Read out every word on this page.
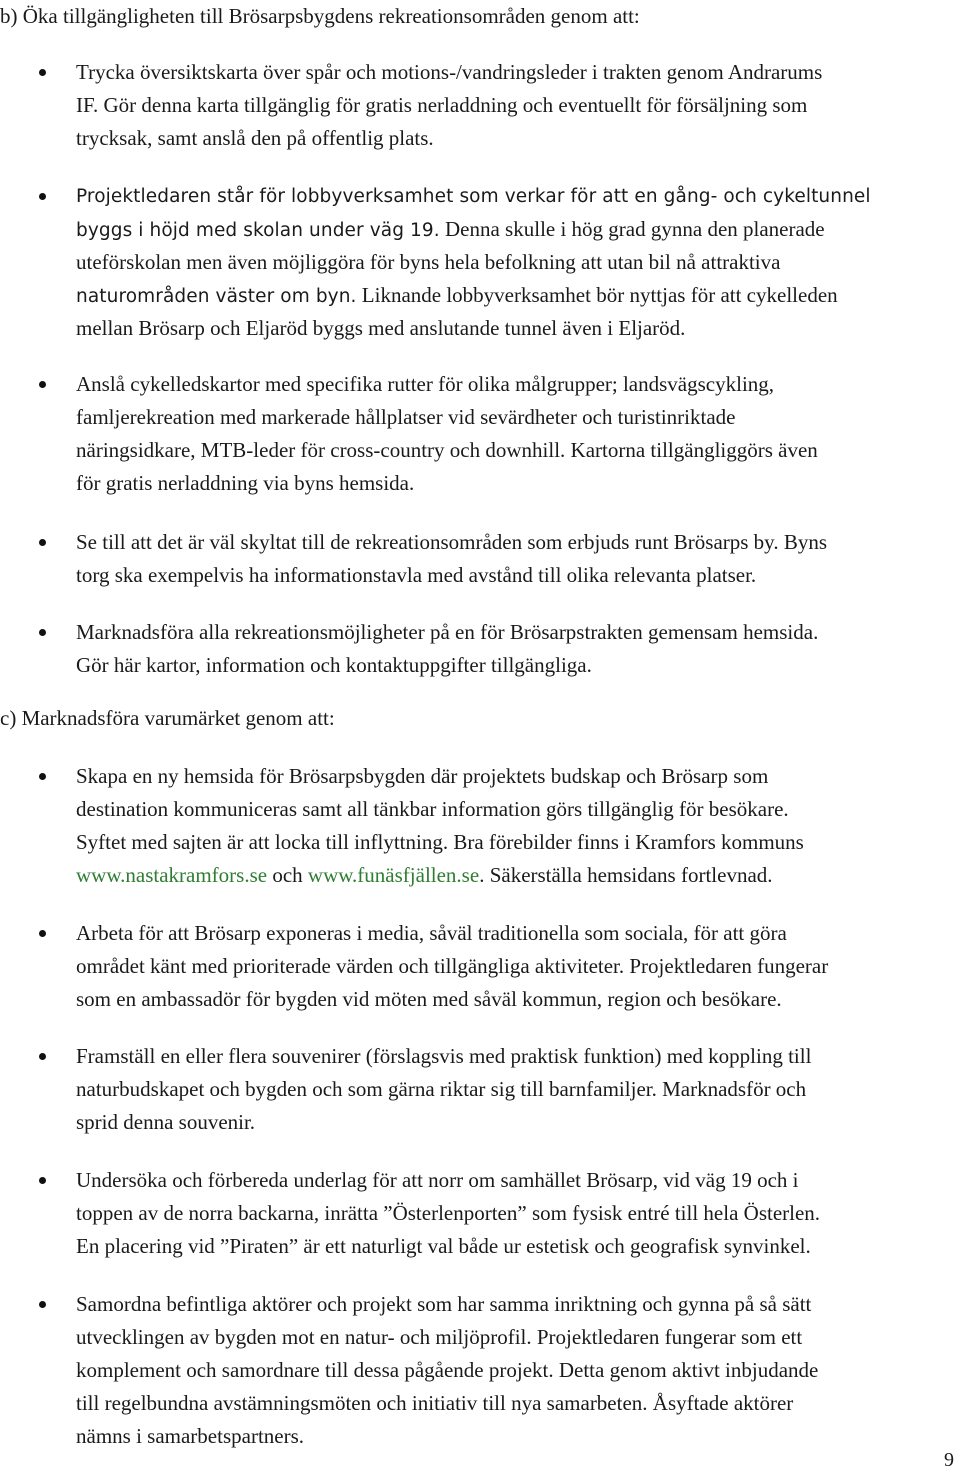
b) Öka tillgängligheten till Brösarpsbygdens rekreationsområden genom att:
Trycka översiktskarta över spår och motions-/vandringsleder i trakten genom Andrarums
IF. Gör denna karta tillgänglig för gratis nerladdning och eventuellt för försäljning som
trycksak, samt anslå den på offentlig plats.
Projektledaren står för lobbyverksamhet som verkar för att en gång- och cykeltunnel
byggs i höjd med skolan under väg 19. Denna skulle i hög grad gynna den planerade
uteförskolan men även möjliggöra för byns hela befolkning att utan bil nå attraktiva
naturområden väster om byn. Liknande lobbyverksamhet bör nyttjas för att cykelleden
mellan Brösarp och Eljaröd byggs med anslutande tunnel även i Eljaröd.
Anslå cykelledskartor med specifika rutter för olika målgrupper; landsvägscykling,
famljerekreation med markerade hållplatser vid sevärdheter och turistinriktade
näringsidkare, MTB-leder för cross-country och downhill. Kartorna tillgängliggörs även
för gratis nerladdning via byns hemsida.
Se till att det är väl skyltat till de rekreationsområden som erbjuds runt Brösarps by. Byns
torg ska exempelvis ha informationstavla med avstånd till olika relevanta platser.
Marknadsföra alla rekreationsmöjligheter på en för Brösarpstrakten gemensam hemsida.
Gör här kartor, information och kontaktuppgifter tillgängliga.
c) Marknadsföra varumärket genom att:
Skapa en ny hemsida för Brösarpsbygden där projektets budskap och Brösarp som
destination kommuniceras samt all tänkbar information görs tillgänglig för besökare.
Syftet med sajten är att locka till inflyttning. Bra förebilder finns i Kramfors kommuns
www.nastakramfors.se och www.funäsfjällen.se. Säkerställa hemsidans fortlevnad.
Arbeta för att Brösarp exponeras i media, såväl traditionella som sociala, för att göra
området känt med prioriterade värden och tillgängliga aktiviteter. Projektledaren fungerar
som en ambassadör för bygden vid möten med såväl kommun, region och besökare.
Framställ en eller flera souvenirer (förslagsvis med praktisk funktion) med koppling till
naturbudskapet och bygden och som gärna riktar sig till barnfamiljer. Marknadsför och
sprid denna souvenir.
Undersöka och förbereda underlag för att norr om samhället Brösarp, vid väg 19 och i
toppen av de norra backarna, inrätta ”Österlenporten” som fysisk entré till hela Österlen.
En placering vid ”Piraten” är ett naturligt val både ur estetisk och geografisk synvinkel.
Samordna befintliga aktörer och projekt som har samma inriktning och gynna på så sätt
utvecklingen av bygden mot en natur- och miljöprofil. Projektledaren fungerar som ett
komplement och samordnare till dessa pågående projekt. Detta genom aktivt inbjudande
till regelbundna avstämningsmöten och initiativ till nya samarbeten. Åsyftade aktörer
nämns i samarbetspartners.
9
